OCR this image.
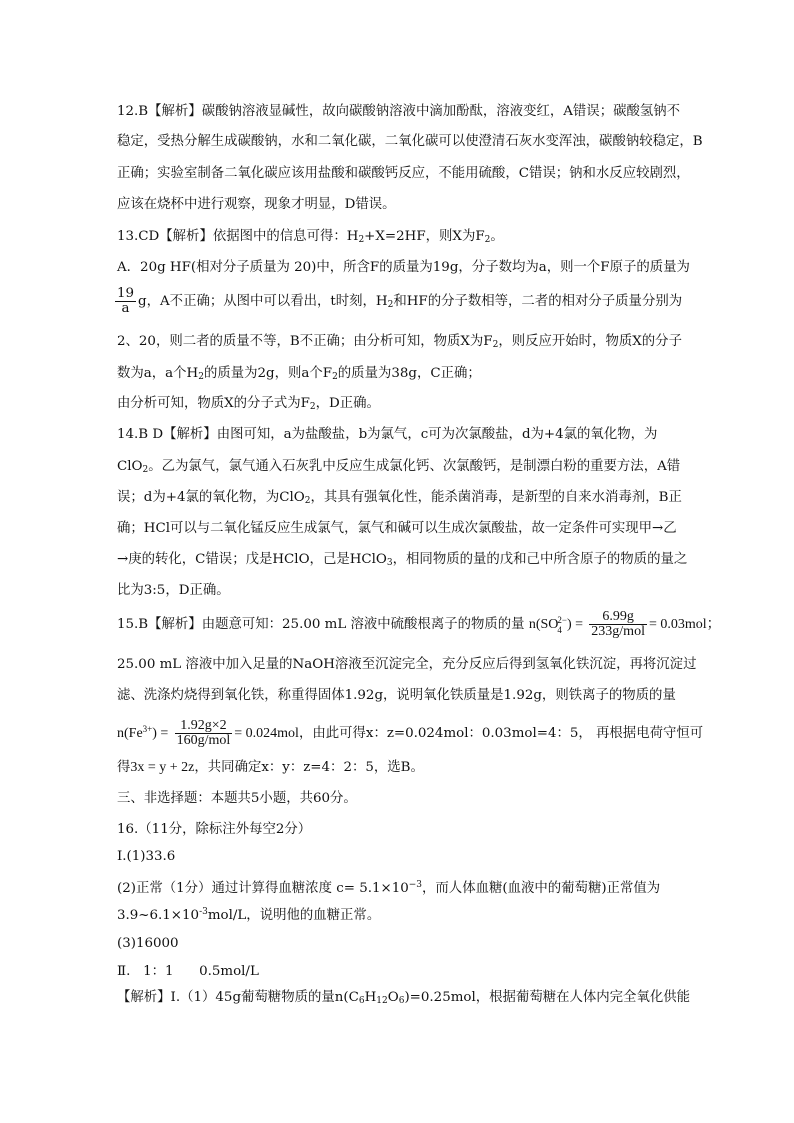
12.B【解析】碳酸钠溶液显碱性，故向碳酸钠溶液中滴加酚酞，溶液变红，A错误；碳酸氢钠不
稳定，受热分解生成碳酸钠，水和二氧化碳，二氧化碳可以使澄清石灰水变浑浊，碳酸钠较稳定，B
正确；实验室制备二氧化碳应该用盐酸和碳酸钙反应，不能用硫酸，C错误；钠和水反应较剧烈，
应该在烧杯中进行观察，现象才明显，D错误。
13.CD【解析】依据图中的信息可得：$H_2+X=2HF$，则X为$F_2$。
A．20g HF(相对分子质量为 20)中，所含F的质量为19g，分子数均为a，则一个F原子的质量为
$\frac{19}{a}$ g，A不正确；从图中可以看出，t时刻，$H_2$和HF的分子数相等，二者的相对分子质量分别为
2、20，则二者的质量不等，B不正确；由分析可知，物质X为$F_2$，则反应开始时，物质X的分子
数为a，a个$H_2$的质量为2g，则a个$F_2$的质量为38g，C正确；
由分析可知，物质X的分子式为$F_2$，D正确。
14.B D【解析】由图可知，a为盐酸盐，b为氯气，c可为次氯酸盐，d为+4氯的氧化物，为
ClO$_2$。乙为氯气，氯气通入石灰乳中反应生成氯化钙、次氯酸钙，是制漂白粉的重要方法，A错
误；d为+4氯的氧化物，为ClO$_2$，其具有强氧化性，能杀菌消毒，是新型的自来水消毒剂，B正
确；HCl可以与二氧化锰反应生成氯气，氯气和碱可以生成次氯酸盐，故一定条件可实现甲→乙
→庚的转化，C错误；戊是HClO，己是HClO$_3$，相同物质的量的戊和己中所含原子的物质的量之
比为3:5，D正确。
15.B【解析】由题意可知：25.00 mL 溶液中硫酸根离子的物质的量 n(SO 2−
4 ) = $\frac{6.99g}{\text{233g/mol}} = 0.03mol$；
25.00 mL 溶液中加入足量的NaOH溶液至沉淀完全，充分反应后得到氢氧化铁沉淀，再将沉淀过
滤、洗涤灼烧得到氧化铁，称重得固体1.92g，说明氧化铁质量是1.92g，则铁离子的物质的量
$n(Fe^{3+}) = \frac{1.92g\times 2}{\text{160g/mol}} = 0.024mol$，由此可得x：z=0.024mol：0.03mol=4：5， 再根据电荷守恒可
得3x = y + 2z，共同确定x：y：z=4：2：5，选B。
三、非选择题：本题共5小题，共60分。
16.（11分，除标注外每空2分）
Ⅰ.(1)33.6
(2)正常（1分）通过计算得血糖浓度 $c= 5.1\times 10^{-3}$，而人体血糖(血液中的葡萄糖)正常值为
$3.9\sim 6.1\times 10^{-3}mol/L$，说明他的血糖正常。
(3)16000
Ⅱ.   1：1      0.5mol/L
【解析】Ⅰ.（1）45g葡萄糖物质的量$n(C_6H_{12}O_6)=0.25mol$，根据葡萄糖在人体内完全氧化供能
